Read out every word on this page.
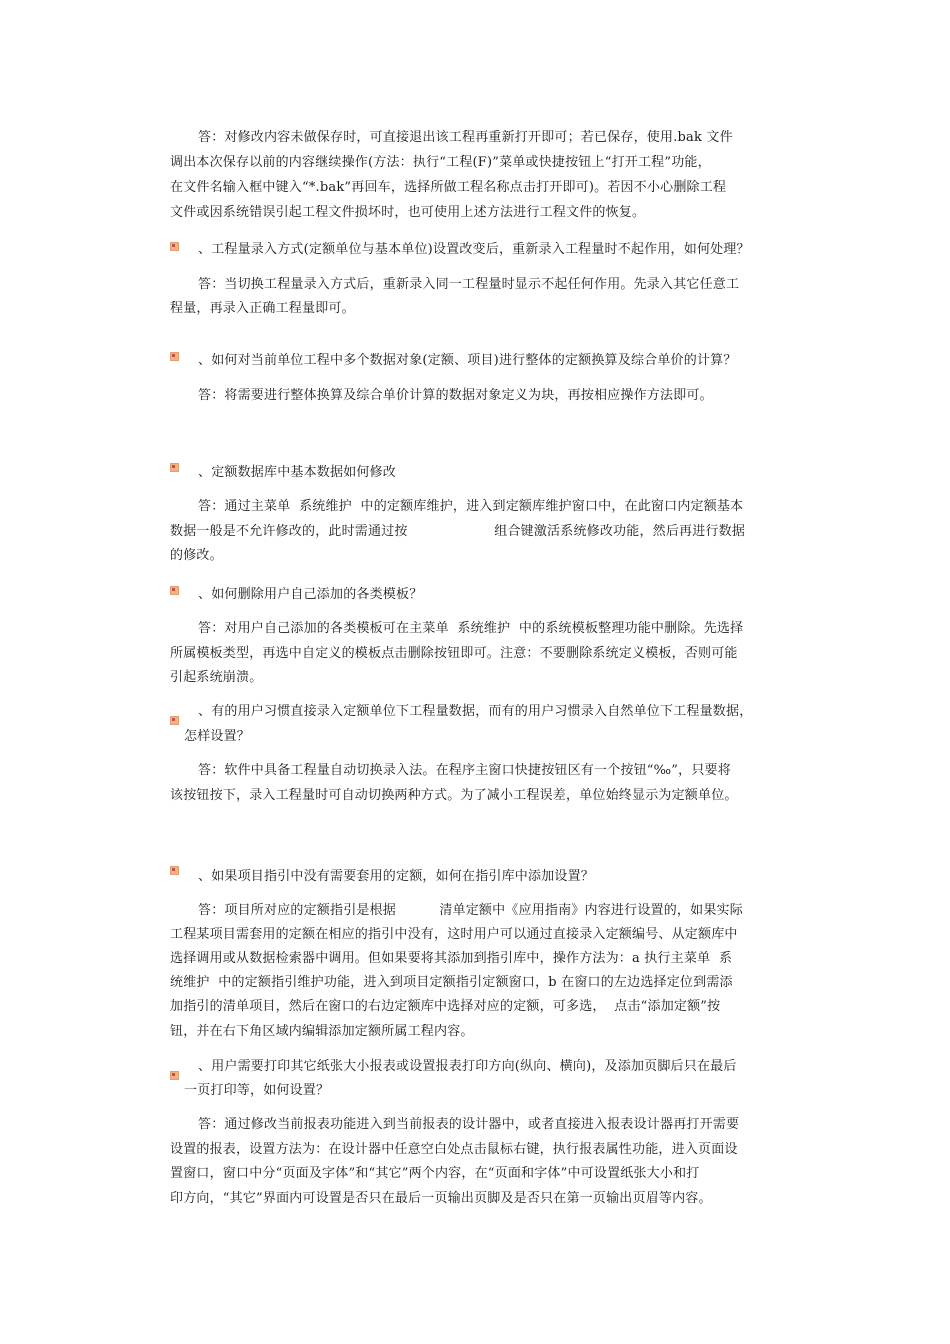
答：对修改内容未做保存时，可直接退出该工程再重新打开即可；若已保存，使用.bak 文件
调出本次保存以前的内容继续操作(方法：执行“工程(F)”菜单或快捷按钮上“打开工程”功能，
在文件名输入框中键入“*.bak”再回车，选择所做工程名称点击打开即可)。若因不小心删除工程
文件或因系统错误引起工程文件损坏时，也可使用上述方法进行工程文件的恢复。
、工程量录入方式(定额单位与基本单位)设置改变后，重新录入工程量时不起作用，如何处理？
答：当切换工程量录入方式后，重新录入同一工程量时显示不起任何作用。先录入其它任意工
程量，再录入正确工程量即可。
、如何对当前单位工程中多个数据对象(定额、项目)进行整体的定额换算及综合单价的计算？
答：将需要进行整体换算及综合单价计算的数据对象定义为块，再按相应操作方法即可。
、定额数据库中基本数据如何修改
答：通过主菜单  系统维护  中的定额库维护，进入到定额库维护窗口中，在此窗口内定额基本
数据一般是不允许修改的，此时需通过按                    组合键激活系统修改功能，然后再进行数据
的修改。
、如何删除用户自己添加的各类模板？
答：对用户自己添加的各类模板可在主菜单  系统维护  中的系统模板整理功能中删除。先选择
所属模板类型，再选中自定义的模板点击删除按钮即可。注意：不要删除系统定义模板，否则可能
引起系统崩溃。
、有的用户习惯直接录入定额单位下工程量数据，而有的用户习惯录入自然单位下工程量数据，
怎样设置？
答：软件中具备工程量自动切换录入法。在程序主窗口快捷按钮区有一个按钮“‰”，只要将
该按钮按下，录入工程量时可自动切换两种方式。为了减小工程误差，单位始终显示为定额单位。
、如果项目指引中没有需要套用的定额，如何在指引库中添加设置？
答：项目所对应的定额指引是根据          清单定额中《应用指南》内容进行设置的，如果实际
工程某项目需套用的定额在相应的指引中没有，这时用户可以通过直接录入定额编号、从定额库中
选择调用或从数据检索器中调用。但如果要将其添加到指引库中，操作方法为：a 执行主菜单  系
统维护  中的定额指引维护功能，进入到项目定额指引定额窗口，b 在窗口的左边选择定位到需添
加指引的清单项目，然后在窗口的右边定额库中选择对应的定额，可多选，  点击“添加定额”按
钮，并在右下角区域内编辑添加定额所属工程内容。
、用户需要打印其它纸张大小报表或设置报表打印方向(纵向、横向)，及添加页脚后只在最后
一页打印等，如何设置？
答：通过修改当前报表功能进入到当前报表的设计器中，或者直接进入报表设计器再打开需要
设置的报表，设置方法为：在设计器中任意空白处点击鼠标右键，执行报表属性功能，进入页面设
置窗口，窗口中分“页面及字体”和“其它”两个内容，在“页面和字体”中可设置纸张大小和打
印方向，“其它”界面内可设置是否只在最后一页输出页脚及是否只在第一页输出页眉等内容。
